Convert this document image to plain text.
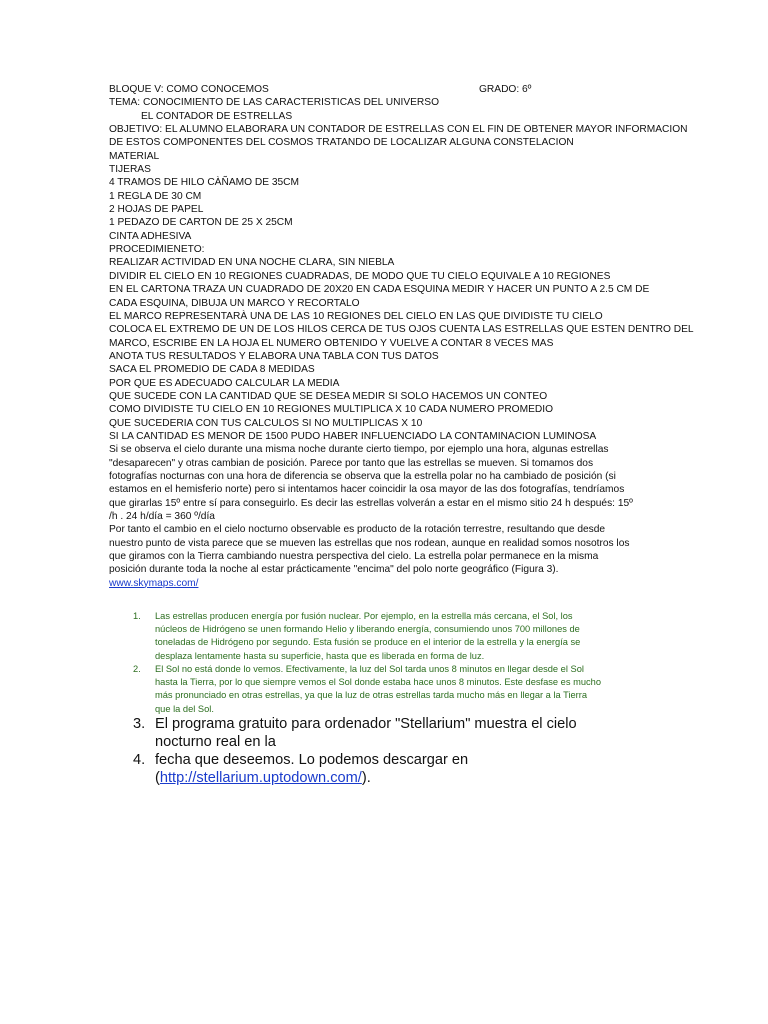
BLOQUE V: COMO CONOCEMOS	GRADO: 6º
TEMA: CONOCIMIENTO DE LAS CARACTERISTICAS DEL UNIVERSO
EL CONTADOR DE ESTRELLAS
OBJETIVO: EL ALUMNO ELABORARA UN CONTADOR DE ESTRELLAS CON EL FIN DE OBTENER MAYOR INFORMACION
DE ESTOS COMPONENTES DEL COSMOS TRATANDO DE LOCALIZAR ALGUNA CONSTELACION
MATERIAL
TIJERAS
4 TRAMOS DE HILO CÀÑAMO DE 35CM
1 REGLA DE 30 CM
2 HOJAS DE PAPEL
1 PEDAZO DE CARTON DE 25 X 25CM
CINTA ADHESIVA
PROCEDIMIENETO:
REALIZAR ACTIVIDAD EN UNA NOCHE CLARA, SIN NIEBLA
DIVIDIR EL CIELO EN 10 REGIONES CUADRADAS, DE MODO QUE TU CIELO EQUIVALE A 10 REGIONES
EN EL CARTONA TRAZA UN CUADRADO DE 20X20 EN CADA ESQUINA MEDIR Y HACER UN PUNTO A 2.5 CM DE
CADA ESQUINA, DIBUJA UN MARCO Y RECORTALO
EL MARCO REPRESENTARÀ UNA DE LAS 10 REGIONES DEL CIELO EN LAS QUE DIVIDISTE TU CIELO
COLOCA EL EXTREMO DE UN DE LOS HILOS CERCA DE TUS OJOS CUENTA LAS ESTRELLAS QUE ESTEN DENTRO DEL
MARCO, ESCRIBE EN LA HOJA EL NUMERO OBTENIDO Y VUELVE A CONTAR 8 VECES MAS
ANOTA TUS RESULTADOS Y ELABORA UNA TABLA CON TUS DATOS
SACA EL PROMEDIO DE CADA 8 MEDIDAS
POR QUE ES ADECUADO CALCULAR LA MEDIA
QUE SUCEDE CON LA CANTIDAD QUE SE DESEA MEDIR SI SOLO HACEMOS UN CONTEO
COMO DIVIDISTE TU CIELO EN 10 REGIONES MULTIPLICA X 10 CADA NUMERO PROMEDIO
QUE SUCEDERIA CON TUS CALCULOS SI NO MULTIPLICAS X 10
SI LA CANTIDAD ES MENOR DE 1500 PUDO HABER INFLUENCIADO LA CONTAMINACION LUMINOSA
Si se observa el cielo durante una misma noche durante cierto tiempo, por ejemplo una hora, algunas estrellas
"desaparecen" y otras cambian de posición. Parece por tanto que las estrellas se mueven. Si tomamos dos
fotografías nocturnas con una hora de diferencia se observa que la estrella polar no ha cambiado de posición (si
estamos en el hemisferio norte) pero si intentamos hacer coincidir la osa mayor de las dos fotografías, tendríamos
que girarlas 15º entre sí para conseguirlo. Es decir las estrellas volverán a estar en el mismo sitio 24 h después: 15º
/h . 24 h/día = 360 º/día
Por tanto el cambio en el cielo nocturno observable es producto de la rotación terrestre, resultando que desde
nuestro punto de vista parece que se mueven las estrellas que nos rodean, aunque en realidad somos nosotros los
que giramos con la Tierra cambiando nuestra perspectiva del cielo. La estrella polar permanece en la misma
posición durante toda la noche al estar prácticamente "encima" del polo norte geográfico (Figura 3).
www.skymaps.com/
1.	Las estrellas producen energía por fusión nuclear. Por ejemplo, en la estrella más cercana, el Sol, los
núcleos de Hidrógeno se unen formando Helio y liberando energía, consumiendo unos 700 millones de
toneladas de Hidrógeno por segundo. Esta fusión se produce en el interior de la estrella y la energía se
desplaza lentamente hasta su superficie, hasta que es liberada en forma de luz.
2.	El Sol no está donde lo vemos. Efectivamente, la luz del Sol tarda unos 8 minutos en llegar desde el Sol
hasta la Tierra, por lo que siempre vemos el Sol donde estaba hace unos 8 minutos. Este desfase es mucho
más pronunciado en otras estrellas, ya que la luz de otras estrellas tarda mucho más en llegar a la Tierra
que la del Sol.
3. El programa gratuito para ordenador "Stellarium" muestra el cielo
nocturno real en la
4. fecha que deseemos. Lo podemos descargar en
(http://stellarium.uptodown.com/).
